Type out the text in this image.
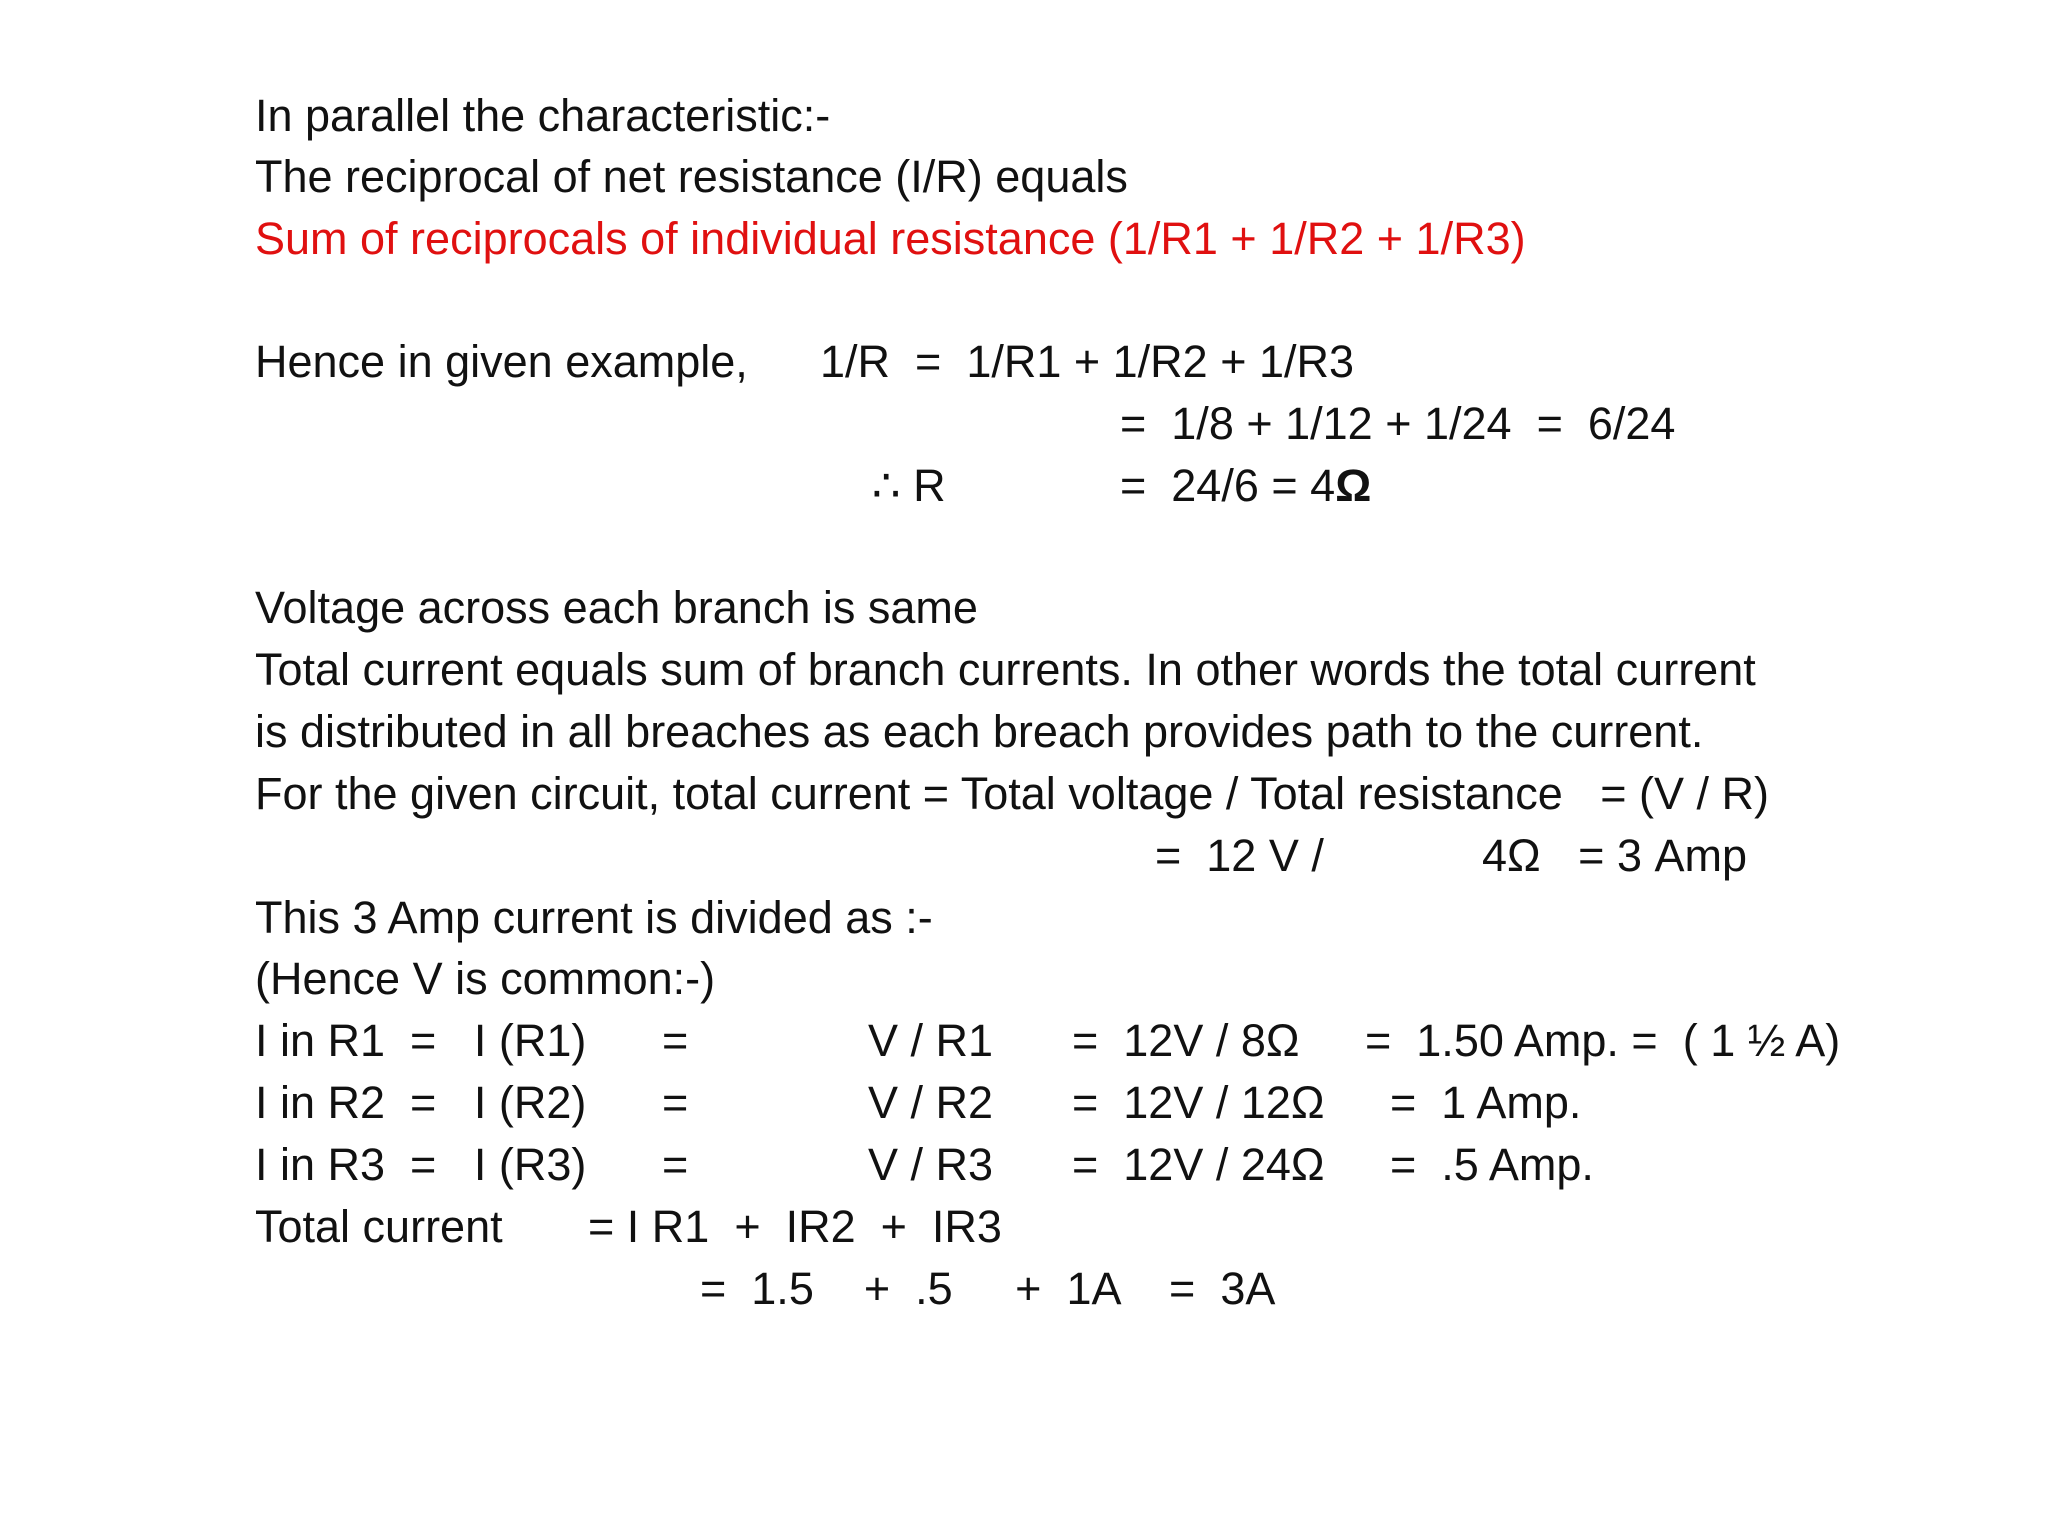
In parallel the characteristic:-
The reciprocal of net resistance (I/R) equals
Sum of reciprocals of individual resistance (1/R1 + 1/R2 + 1/R3)
Hence in given example, 1/R  =  1/R1 + 1/R2 + 1/R3
=  1/8 + 1/12 + 1/24  =  6/24
∴ R	=  24/6 = 4Ω
Voltage across each branch is same
Total current equals sum of branch currents. In other words the total current
is distributed in all breaches as each breach provides path to the current.
For the given circuit, total current = Total voltage / Total resistance   = (V / R)
=  12 V /	4Ω   = 3 Amp
This 3 Amp current is divided as :-
(Hence V is common:-)
I in R1  =   I (R1) =	V / R1 =  12V / 8Ω =  1.50 Amp. =  ( 1 ½ A)
I in R2  =   I (R2) =	V / R2 =  12V / 12Ω =  1 Amp.
I in R3  =   I (R3) =	V / R3 =  12V / 24Ω =  .5 Amp.
Total current = I R1  +  IR2  +  IR3
=  1.5    +  .5     +  1A    =  3A
